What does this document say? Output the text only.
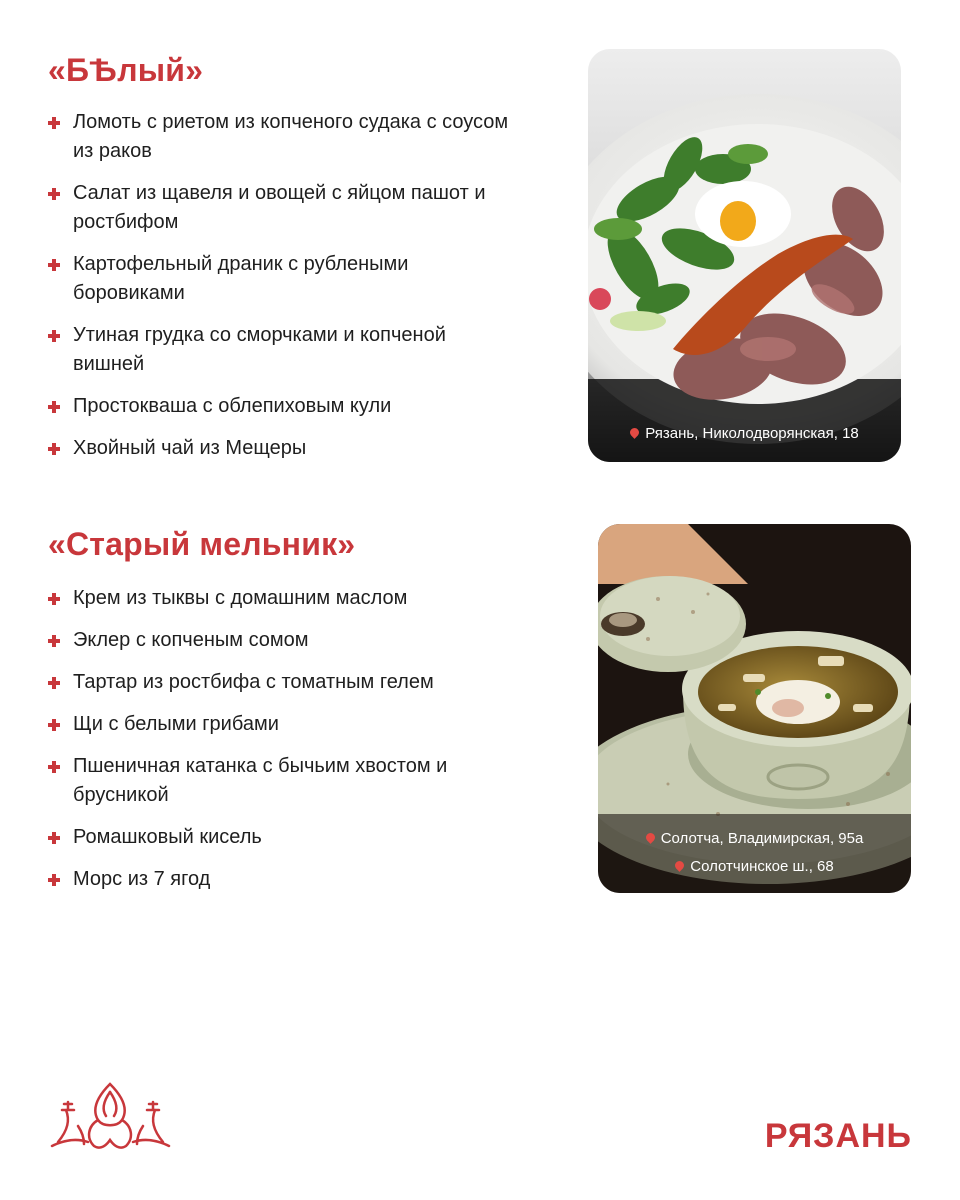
«БѢлый»
Ломоть с риетом из копченого судака с соусом из раков
Салат из щавеля и овощей с яйцом пашот и ростбифом
Картофельный драник с рублеными боровиками
Утиная грудка со сморчками и копченой вишней
Простокваша с облепиховым кули
Хвойный чай из Мещеры
Рязань, Николодворянская, 18
«Старый мельник»
Крем из тыквы с домашним маслом
Эклер с копченым сомом
Тартар из ростбифа с томатным гелем
Щи с белыми грибами
Пшеничная катанка с бычьим хвостом и брусникой
Ромашковый кисель
Морс из 7 ягод
Солотча, Владимирская, 95а
Солотчинское ш., 68
РЯЗАНЬ
